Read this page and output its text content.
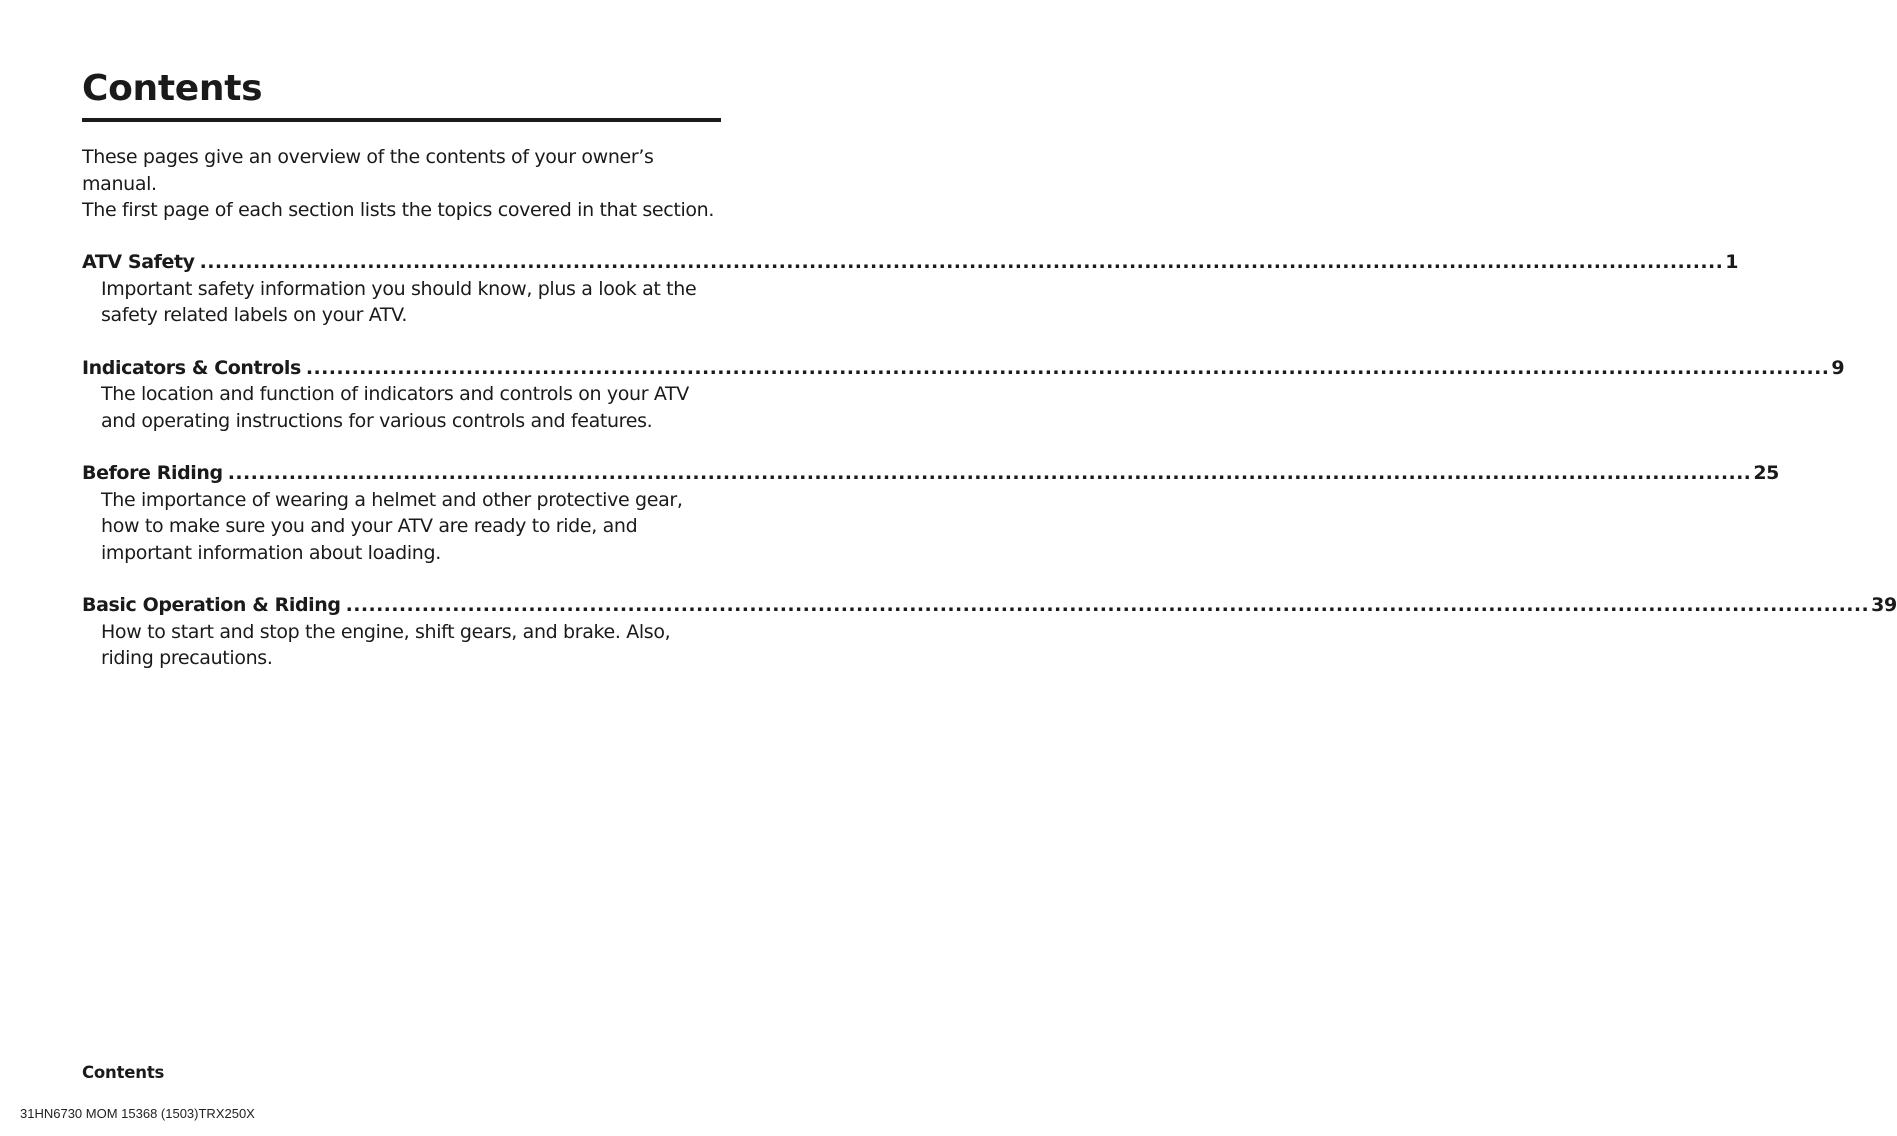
Contents

These pages give an overview of the contents of your owner’s manual.

The first page of each section lists the topics covered in that section.

ATV Safety ........................................................................................................................................................................................................ 1

Important safety information you should know, plus a look at the safety related labels on your ATV.

Indicators & Controls ........................................................................................................................................................................................................ 9

The location and function of indicators and controls on your ATV and operating instructions for various controls and features.

Before Riding ........................................................................................................................................................................................................ 25

The importance of wearing a helmet and other protective gear, how to make sure you and your ATV are ready to ride, and important information about loading.

Basic Operation & Riding ........................................................................................................................................................................................................ 39

How to start and stop the engine, shift gears, and brake. Also, riding precautions.

Contents
31HN6730 MOM 15368 (1503)TRX250X
